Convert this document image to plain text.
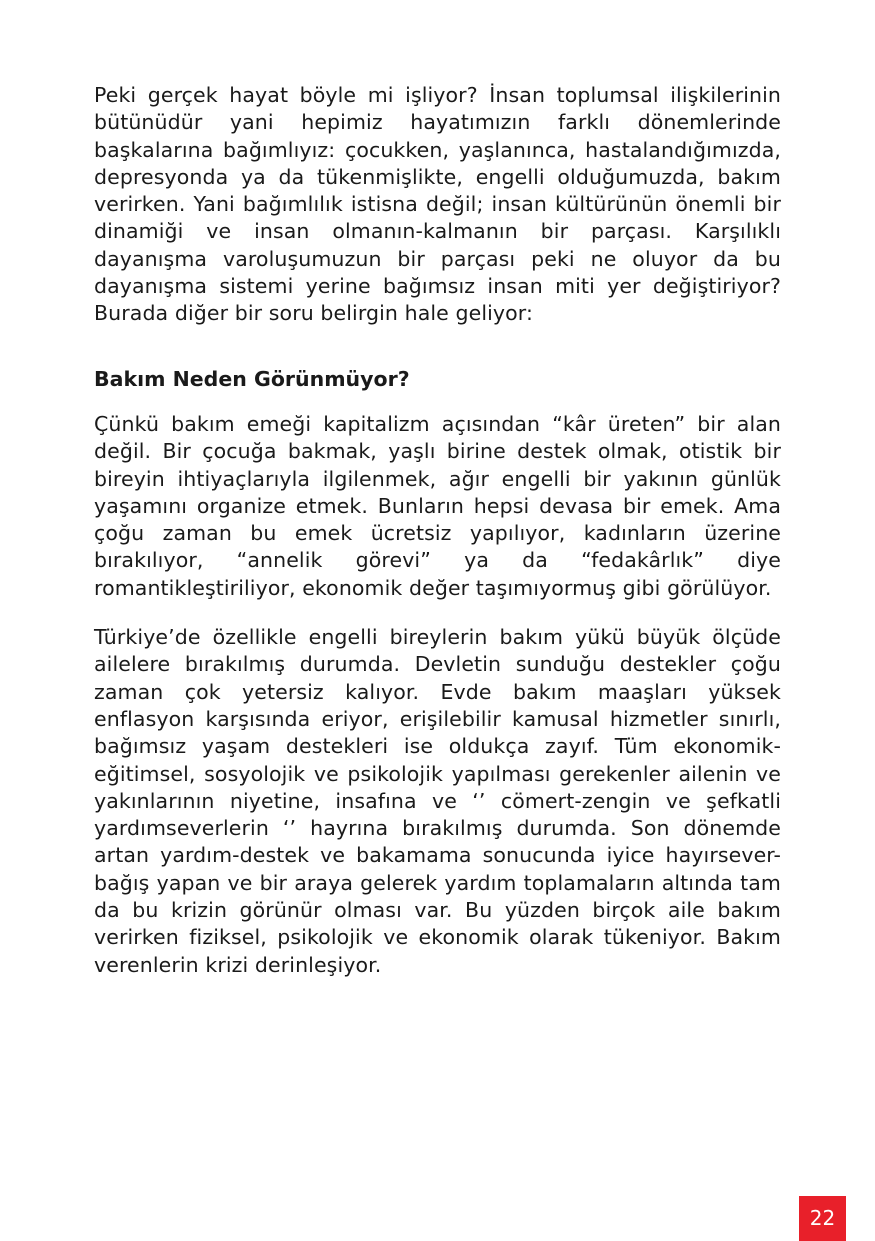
Peki gerçek hayat böyle mi işliyor? İnsan toplumsal ilişkilerinin bütünüdür yani hepimiz hayatımızın farklı dönemlerinde başkalarına bağımlıyız: çocukken, yaşlanınca, hastalandığımızda, depresyonda ya da tükenmişlikte, engelli olduğumuzda, bakım verirken. Yani bağımlılık istisna değil; insan kültürünün önemli bir dinamiği ve insan olmanın-kalmanın bir parçası. Karşılıklı dayanışma varoluşumuzun bir parçası peki ne oluyor da bu dayanışma sistemi yerine bağımsız insan miti yer değiştiriyor? Burada diğer bir soru belirgin hale geliyor:

Bakım Neden Görünmüyor?

Çünkü bakım emeği kapitalizm açısından “kâr üreten” bir alan değil. Bir çocuğa bakmak, yaşlı birine destek olmak, otistik bir bireyin ihtiyaçlarıyla ilgilenmek, ağır engelli bir yakının günlük yaşamını organize etmek. Bunların hepsi devasa bir emek. Ama çoğu zaman bu emek ücretsiz yapılıyor, kadınların üzerine bırakılıyor, “annelik görevi” ya da “fedakârlık” diye romantikleştiriliyor, ekonomik değer taşımıyormuş gibi görülüyor.

Türkiye’de özellikle engelli bireylerin bakım yükü büyük ölçüde ailelere bırakılmış durumda. Devletin sunduğu destekler çoğu zaman çok yetersiz kalıyor. Evde bakım maaşları yüksek enflasyon karşısında eriyor, erişilebilir kamusal hizmetler sınırlı, bağımsız yaşam destekleri ise oldukça zayıf. Tüm ekonomik-eğitimsel, sosyolojik ve psikolojik yapılması gerekenler ailenin ve yakınlarının niyetine, insafına ve ‘’ cömert-zengin ve şefkatli yardımseverlerin ‘’ hayrına bırakılmış durumda. Son dönemde artan yardım-destek ve bakamama sonucunda iyice hayırsever-bağış yapan ve bir araya gelerek yardım toplamaların altında tam da bu krizin görünür olması var. Bu yüzden birçok aile bakım verirken fiziksel, psikolojik ve ekonomik olarak tükeniyor. Bakım verenlerin krizi derinleşiyor.

22
